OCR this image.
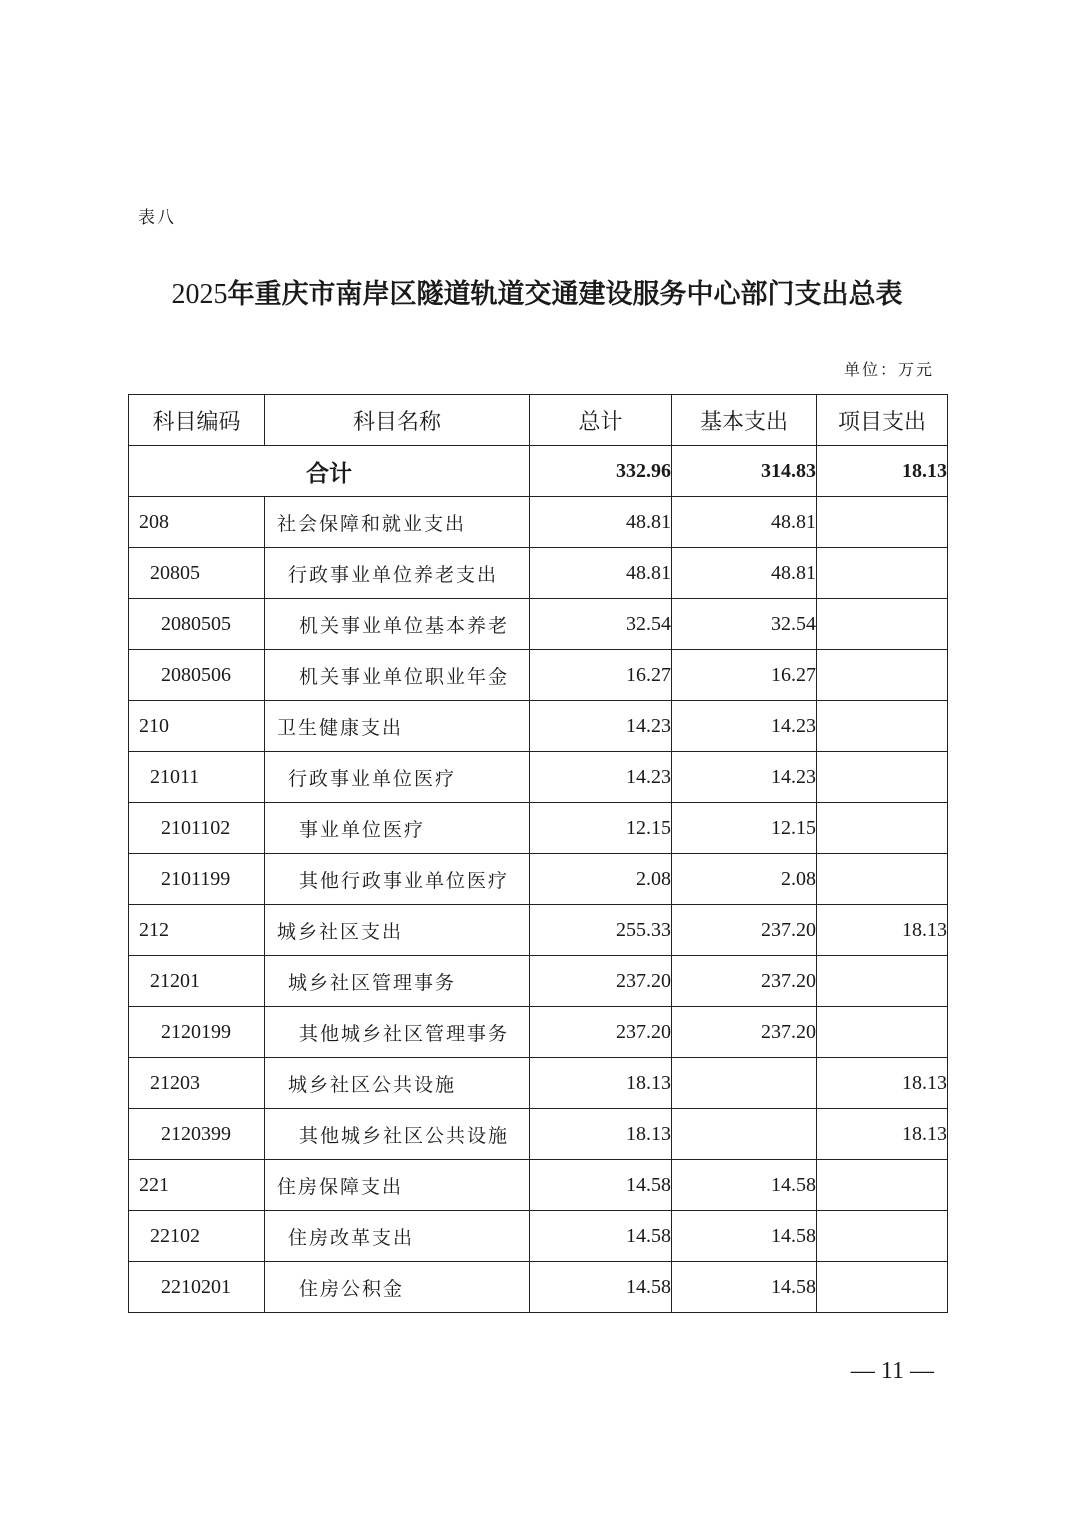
表八
2025年重庆市南岸区隧道轨道交通建设服务中心部门支出总表
单位：万元
科目编码	科目名称	总计	基本支出	项目支出
合计		332.96	314.83	18.13
208	社会保障和就业支出	48.81	48.81	
20805	行政事业单位养老支出	48.81	48.81	
2080505	机关事业单位基本养老	32.54	32.54	
2080506	机关事业单位职业年金	16.27	16.27	
210	卫生健康支出	14.23	14.23	
21011	行政事业单位医疗	14.23	14.23	
2101102	事业单位医疗	12.15	12.15	
2101199	其他行政事业单位医疗	2.08	2.08	
212	城乡社区支出	255.33	237.20	18.13
21201	城乡社区管理事务	237.20	237.20	
2120199	其他城乡社区管理事务	237.20	237.20	
21203	城乡社区公共设施	18.13		18.13
2120399	其他城乡社区公共设施	18.13		18.13
221	住房保障支出	14.58	14.58	
22102	住房改革支出	14.58	14.58	
2210201	住房公积金	14.58	14.58	
— 11 —
